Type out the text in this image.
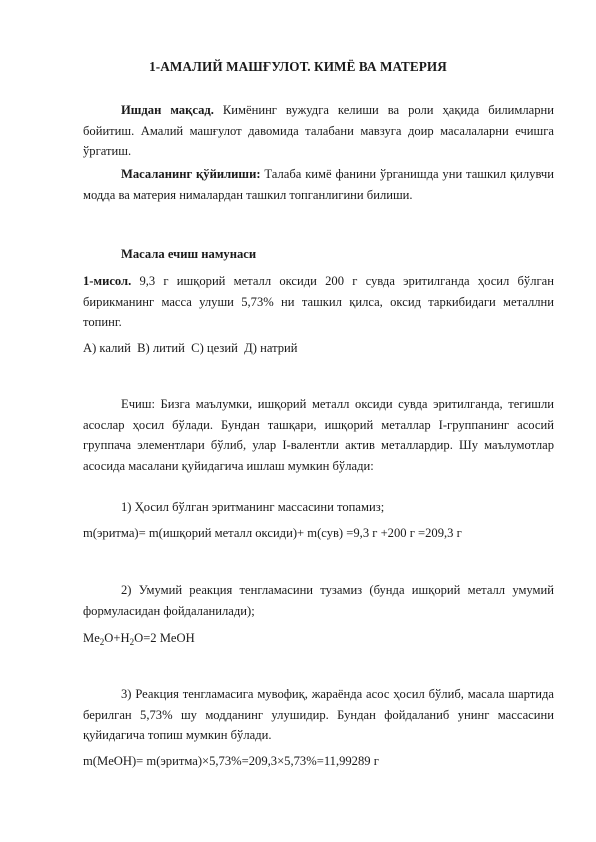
1-АМАЛИЙ МАШҒУЛОТ. КИМЁ ВА МАТЕРИЯ

Ишдан мақсад. Кимёнинг вужудга келиши ва роли ҳақида билимларни бойитиш. Амалий машғулот давомида талабани мавзуга доир масалаларни ечишга ўргатиш.

Масаланинг қўйилиши: Талаба кимё фанини ўрганишда уни ташкил қилувчи модда ва материя нималардан ташкил топганлигини билиши.

Масала ечиш намунаси

1-мисол. 9,3 г ишқорий металл оксиди 200 г сувда эритилганда ҳосил бўлган бирикманинг масса улуши 5,73% ни ташкил қилса, оксид таркибидаги металлни топинг.

A) калий  B) литий  C) цезий  Д) натрий

Ечиш: Бизга маълумки, ишқорий металл оксиди сувда эритилганда, тегишли асослар ҳосил бўлади. Бундан ташқари, ишқорий металлар I-группанинг асосий группача элементлари бўлиб, улар I-валентли актив металлардир. Шу маълумотлар асосида масалани қуйидагича ишлаш мумкин бўлади:

1) Ҳосил бўлган эритманинг массасини топамиз;

m(эритма)= m(ишқорий металл оксиди)+ m(сув) =9,3 г +200 г =209,3 г

2) Умумий реакция тенгламасини тузамиз (бунда ишқорий металл умумий формуласидан фойдаланилади);

$Me_2O+H_2O=2$ MeOH

3) Реакция тенгламасига мувофиқ, жараёнда асос ҳосил бўлиб, масала шартида берилган 5,73% шу модданинг улушидир. Бундан фойдаланиб унинг массасини қуйидагича топиш мумкин бўлади.

m(MeOH)= m(эритма)×5,73%=209,3×5,73%=11,99289 г
